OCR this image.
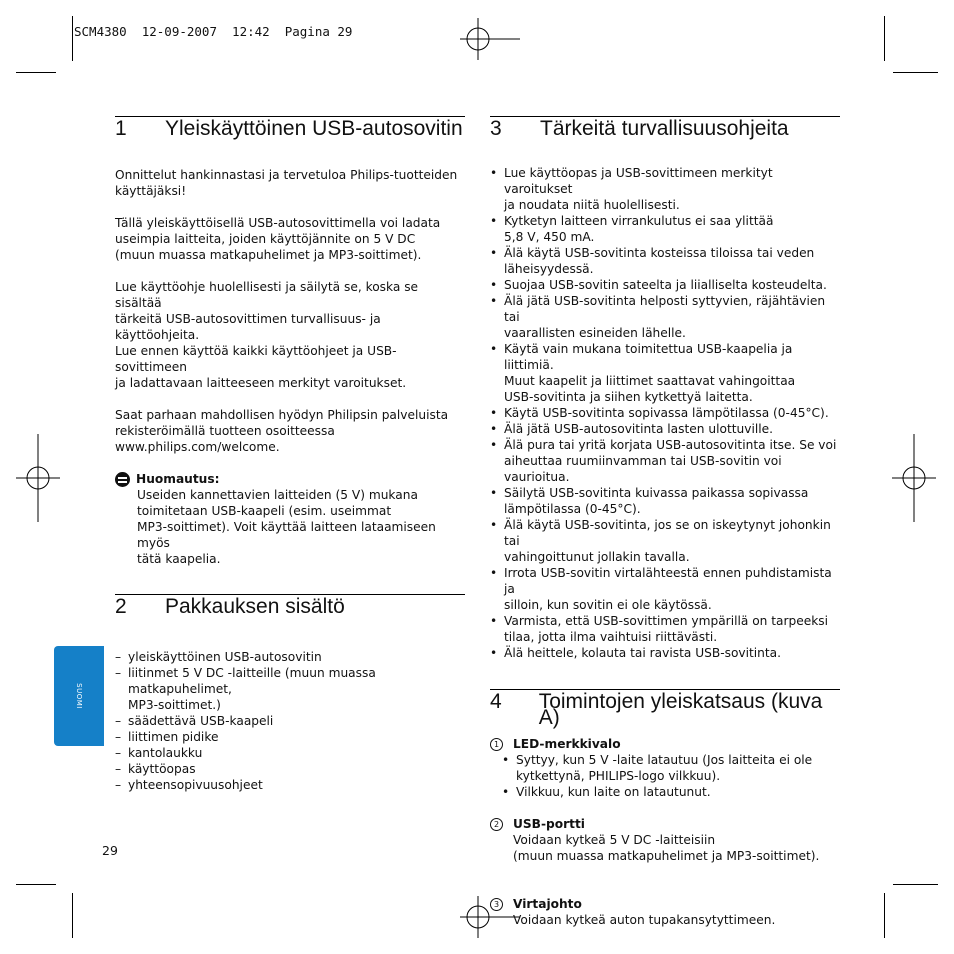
SCM4380  12-09-2007  12:42  Pagina 29
SUOMI
1	Yleiskäyttöinen USB-autosovitin

Onnittelut hankinnastasi ja tervetuloa Philips-tuotteiden
käyttäjäksi!

Tällä yleiskäyttöisellä USB-autosovittimella voi ladata
useimpia laitteita, joiden käyttöjännite on 5 V DC
(muun muassa matkapuhelimet ja MP3-soittimet).

Lue käyttöohje huolellisesti ja säilytä se, koska se sisältää
tärkeitä USB-autosovittimen turvallisuus- ja käyttöohjeita.
Lue ennen käyttöä kaikki käyttöohjeet ja USB-sovittimeen
ja ladattavaan laitteeseen merkityt varoitukset.

Saat parhaan mahdollisen hyödyn Philipsin palveluista
rekisteröimällä tuotteen osoitteessa
www.philips.com/welcome.

Huomautus:
Useiden kannettavien laitteiden (5 V) mukana
toimitetaan USB-kaapeli (esim. useimmat
MP3-soittimet). Voit käyttää laitteen lataamiseen myös
tätä kaapelia.
2	Pakkauksen sisältö
– yleiskäyttöinen USB-autosovitin
– liitinmet 5 V DC -laitteille (muun muassa matkapuhelimet,
MP3-soittimet.)
– säädettävä USB-kaapeli
– liittimen pidike
– kantolaukku
– käyttöopas
– yhteensopivuusohjeet
3	Tärkeitä turvallisuusohjeita
• Lue käyttöopas ja USB-sovittimeen merkityt varoitukset
ja noudata niitä huolellisesti.
• Kytketyn laitteen virrankulutus ei saa ylittää
5,8 V, 450 mA.
• Älä käytä USB-sovitinta kosteissa tiloissa tai veden
läheisyydessä.
• Suojaa USB-sovitin sateelta ja liialliselta kosteudelta.
• Älä jätä USB-sovitinta helposti syttyvien, räjähtävien tai
vaarallisten esineiden lähelle.
• Käytä vain mukana toimitettua USB-kaapelia ja liittimiä.
Muut kaapelit ja liittimet saattavat vahingoittaa
USB-sovitinta ja siihen kytkettyä laitetta.
• Käytä USB-sovitinta sopivassa lämpötilassa (0-45°C).
• Älä jätä USB-autosovitinta lasten ulottuville.
• Älä pura tai yritä korjata USB-autosovitinta itse. Se voi
aiheuttaa ruumiinvamman tai USB-sovitin voi vaurioitua.
• Säilytä USB-sovitinta kuivassa paikassa sopivassa
lämpötilassa (0-45°C).
• Älä käytä USB-sovitinta, jos se on iskeytynyt johonkin tai
vahingoittunut jollakin tavalla.
• Irrota USB-sovitin virtalähteestä ennen puhdistamista ja
silloin, kun sovitin ei ole käytössä.
• Varmista, että USB-sovittimen ympärillä on tarpeeksi
tilaa, jotta ilma vaihtuisi riittävästi.
• Älä heittele, kolauta tai ravista USB-sovitinta.
4	Toimintojen yleiskatsaus (kuva A)
1	LED-merkkivalo
• Syttyy, kun 5 V -laite latautuu (Jos laitteita ei ole
kytkettynä, PHILIPS-logo vilkkuu).
• Vilkkuu, kun laite on latautunut.
2	USB-portti
Voidaan kytkeä 5 V DC -laitteisiin
(muun muassa matkapuhelimet ja MP3-soittimet).
3	Virtajohto
Voidaan kytkeä auton tupakansytyttimeen.
29
